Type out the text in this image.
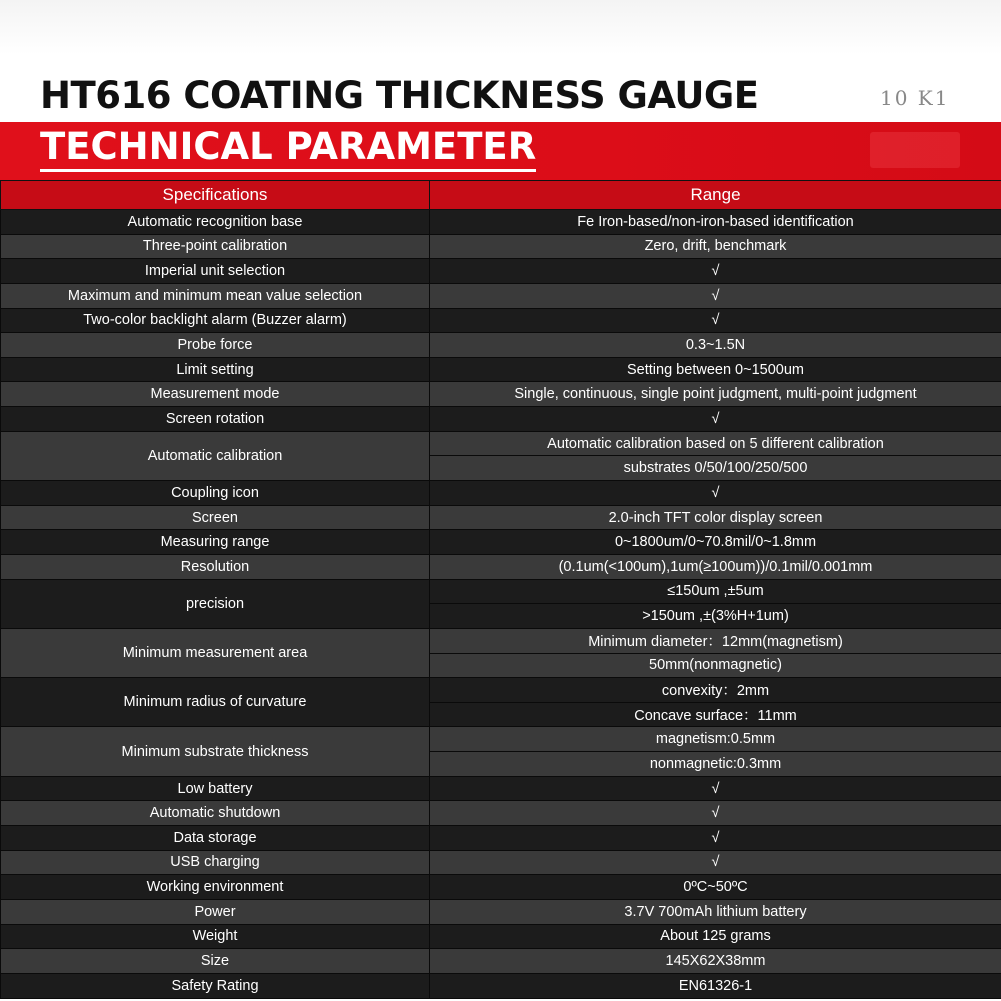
HT616 COATING THICKNESS GAUGE	10 K1
TECHNICAL PARAMETER
Specifications	Range
Automatic recognition base	Fe Iron-based/non-iron-based identification
Three-point calibration	Zero, drift, benchmark
Imperial unit selection	√
Maximum and minimum mean value selection	√
Two-color backlight alarm (Buzzer alarm)	√
Probe force	0.3~1.5N
Limit setting	Setting between 0~1500um
Measurement mode	Single, continuous, single point judgment, multi-point judgment
Screen rotation	√
Automatic calibration	Automatic calibration based on 5 different calibration
	substrates 0/50/100/250/500
Coupling icon	√
Screen	2.0-inch TFT color display screen
Measuring range	0~1800um/0~70.8mil/0~1.8mm
Resolution	(0.1um(<100um),1um(≥100um))/0.1mil/0.001mm
precision	≤150um ,±5um
	>150um ,±(3%H+1um)
Minimum measurement area	Minimum diameter：12mm(magnetism)
	50mm(nonmagnetic)
Minimum radius of curvature	convexity：2mm
	Concave surface：11mm
Minimum substrate thickness	magnetism:0.5mm
	nonmagnetic:0.3mm
Low battery	√
Automatic shutdown	√
Data storage	√
USB charging	√
Working environment	0ºC~50ºC
Power	3.7V 700mAh lithium battery
Weight	About 125 grams
Size	145X62X38mm
Safety Rating	EN61326-1
